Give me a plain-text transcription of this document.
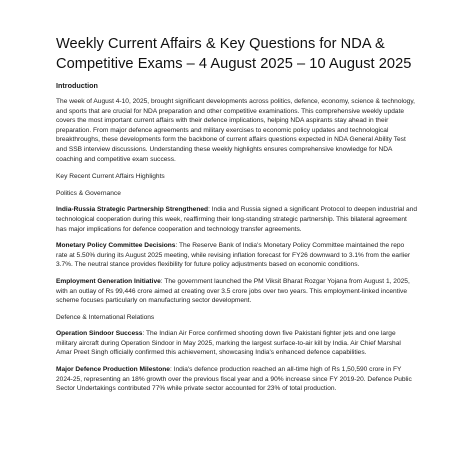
Weekly Current Affairs & Key Questions for NDA & Competitive Exams – 4 August 2025 – 10 August 2025
Introduction

The week of August 4-10, 2025, brought significant developments across politics, defence, economy, science & technology, and sports that are crucial for NDA preparation and other competitive examinations. This comprehensive weekly update covers the most important current affairs with their defence implications, helping NDA aspirants stay ahead in their preparation. From major defence agreements and military exercises to economic policy updates and technological breakthroughs, these developments form the backbone of current affairs questions expected in NDA General Ability Test and SSB interview discussions. Understanding these weekly highlights ensures comprehensive knowledge for NDA coaching and competitive exam success.

Key Recent Current Affairs Highlights

Politics & Governance

India-Russia Strategic Partnership Strengthened: India and Russia signed a significant Protocol to deepen industrial and technological cooperation during this week, reaffirming their long-standing strategic partnership. This bilateral agreement has major implications for defence cooperation and technology transfer agreements.

Monetary Policy Committee Decisions: The Reserve Bank of India's Monetary Policy Committee maintained the repo rate at 5.50% during its August 2025 meeting, while revising inflation forecast for FY26 downward to 3.1% from the earlier 3.7%. The neutral stance provides flexibility for future policy adjustments based on economic conditions.

Employment Generation Initiative: The government launched the PM Viksit Bharat Rozgar Yojana from August 1, 2025, with an outlay of Rs 99,446 crore aimed at creating over 3.5 crore jobs over two years. This employment-linked incentive scheme focuses particularly on manufacturing sector development.

Defence & International Relations

Operation Sindoor Success: The Indian Air Force confirmed shooting down five Pakistani fighter jets and one large military aircraft during Operation Sindoor in May 2025, marking the largest surface-to-air kill by India. Air Chief Marshal Amar Preet Singh officially confirmed this achievement, showcasing India's enhanced defence capabilities.

Major Defence Production Milestone: India's defence production reached an all-time high of Rs 1,50,590 crore in FY 2024-25, representing an 18% growth over the previous fiscal year and a 90% increase since FY 2019-20. Defence Public Sector Undertakings contributed 77% while private sector accounted for 23% of total production.
